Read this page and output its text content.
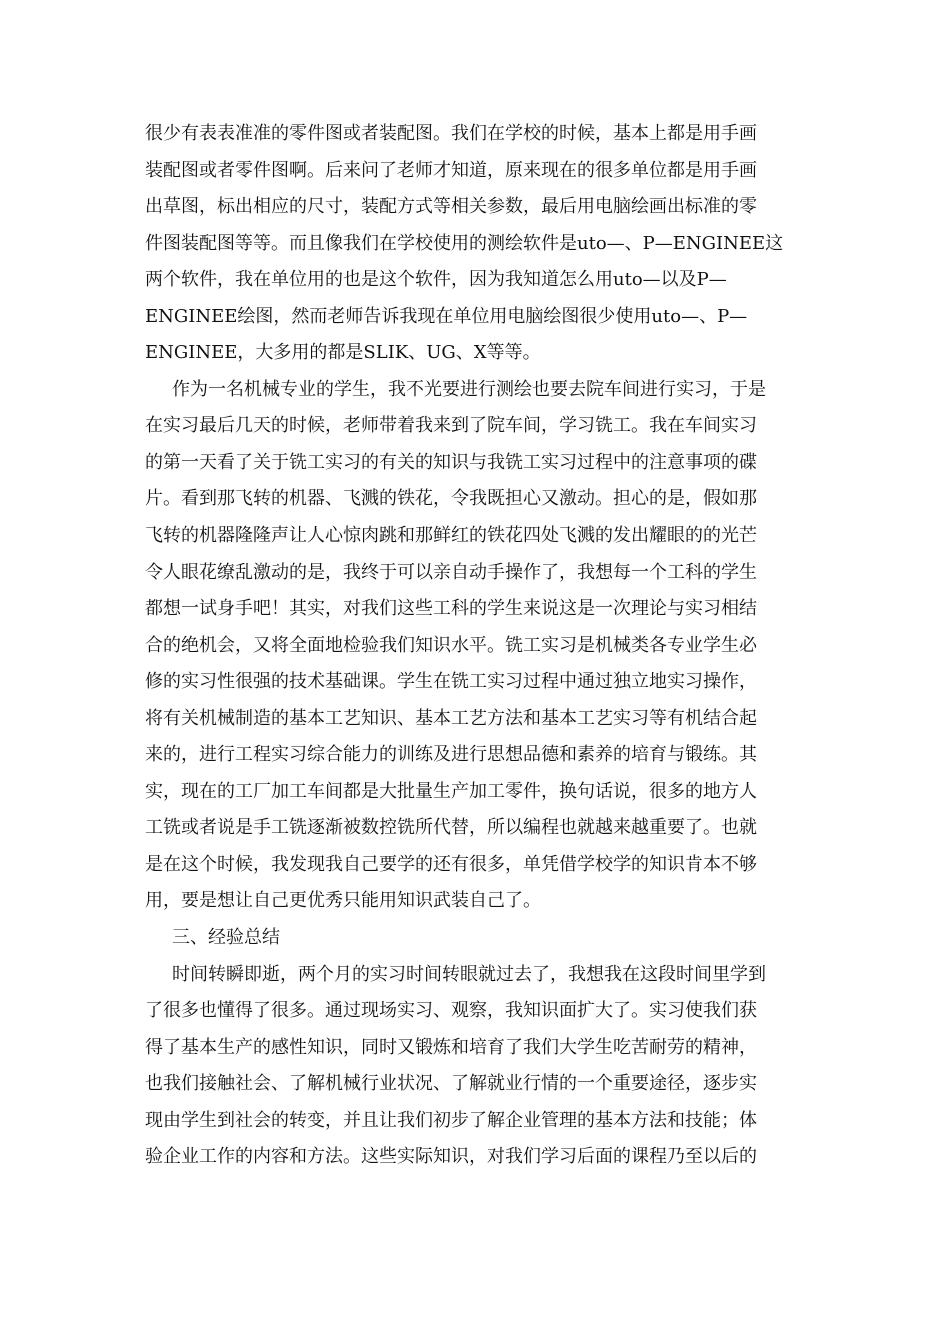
很少有表表准准的零件图或者装配图。我们在学校的时候，基本上都是用手画
装配图或者零件图啊。后来问了老师才知道，原来现在的很多单位都是用手画
出草图，标出相应的尺寸，装配方式等相关参数，最后用电脑绘画出标准的零
件图装配图等等。而且像我们在学校使用的测绘软件是uto—、P—ENGINEE这
两个软件，我在单位用的也是这个软件，因为我知道怎么用uto—以及P—
ENGINEE绘图，然而老师告诉我现在单位用电脑绘图很少使用uto—、P—
ENGINEE，大多用的都是SLIK、UG、X等等。
作为一名机械专业的学生，我不光要进行测绘也要去院车间进行实习，于是
在实习最后几天的时候，老师带着我来到了院车间，学习铣工。我在车间实习
的第一天看了关于铣工实习的有关的知识与我铣工实习过程中的注意事项的碟
片。看到那飞转的机器、飞溅的铁花，令我既担心又激动。担心的是，假如那
飞转的机器隆隆声让人心惊肉跳和那鲜红的铁花四处飞溅的发出耀眼的的光芒
令人眼花缭乱激动的是，我终于可以亲自动手操作了，我想每一个工科的学生
都想一试身手吧！其实，对我们这些工科的学生来说这是一次理论与实习相结
合的绝机会，又将全面地检验我们知识水平。铣工实习是机械类各专业学生必
修的实习性很强的技术基础课。学生在铣工实习过程中通过独立地实习操作，
将有关机械制造的基本工艺知识、基本工艺方法和基本工艺实习等有机结合起
来的，进行工程实习综合能力的训练及进行思想品德和素养的培育与锻练。其
实，现在的工厂加工车间都是大批量生产加工零件，换句话说，很多的地方人
工铣或者说是手工铣逐渐被数控铣所代替，所以编程也就越来越重要了。也就
是在这个时候，我发现我自己要学的还有很多，单凭借学校学的知识肯本不够
用，要是想让自己更优秀只能用知识武装自己了。
三、经验总结
时间转瞬即逝，两个月的实习时间转眼就过去了，我想我在这段时间里学到
了很多也懂得了很多。通过现场实习、观察，我知识面扩大了。实习使我们获
得了基本生产的感性知识，同时又锻炼和培育了我们大学生吃苦耐劳的精神，
也我们接触社会、了解机械行业状况、了解就业行情的一个重要途径，逐步实
现由学生到社会的转变，并且让我们初步了解企业管理的基本方法和技能；体
验企业工作的内容和方法。这些实际知识，对我们学习后面的课程乃至以后的
